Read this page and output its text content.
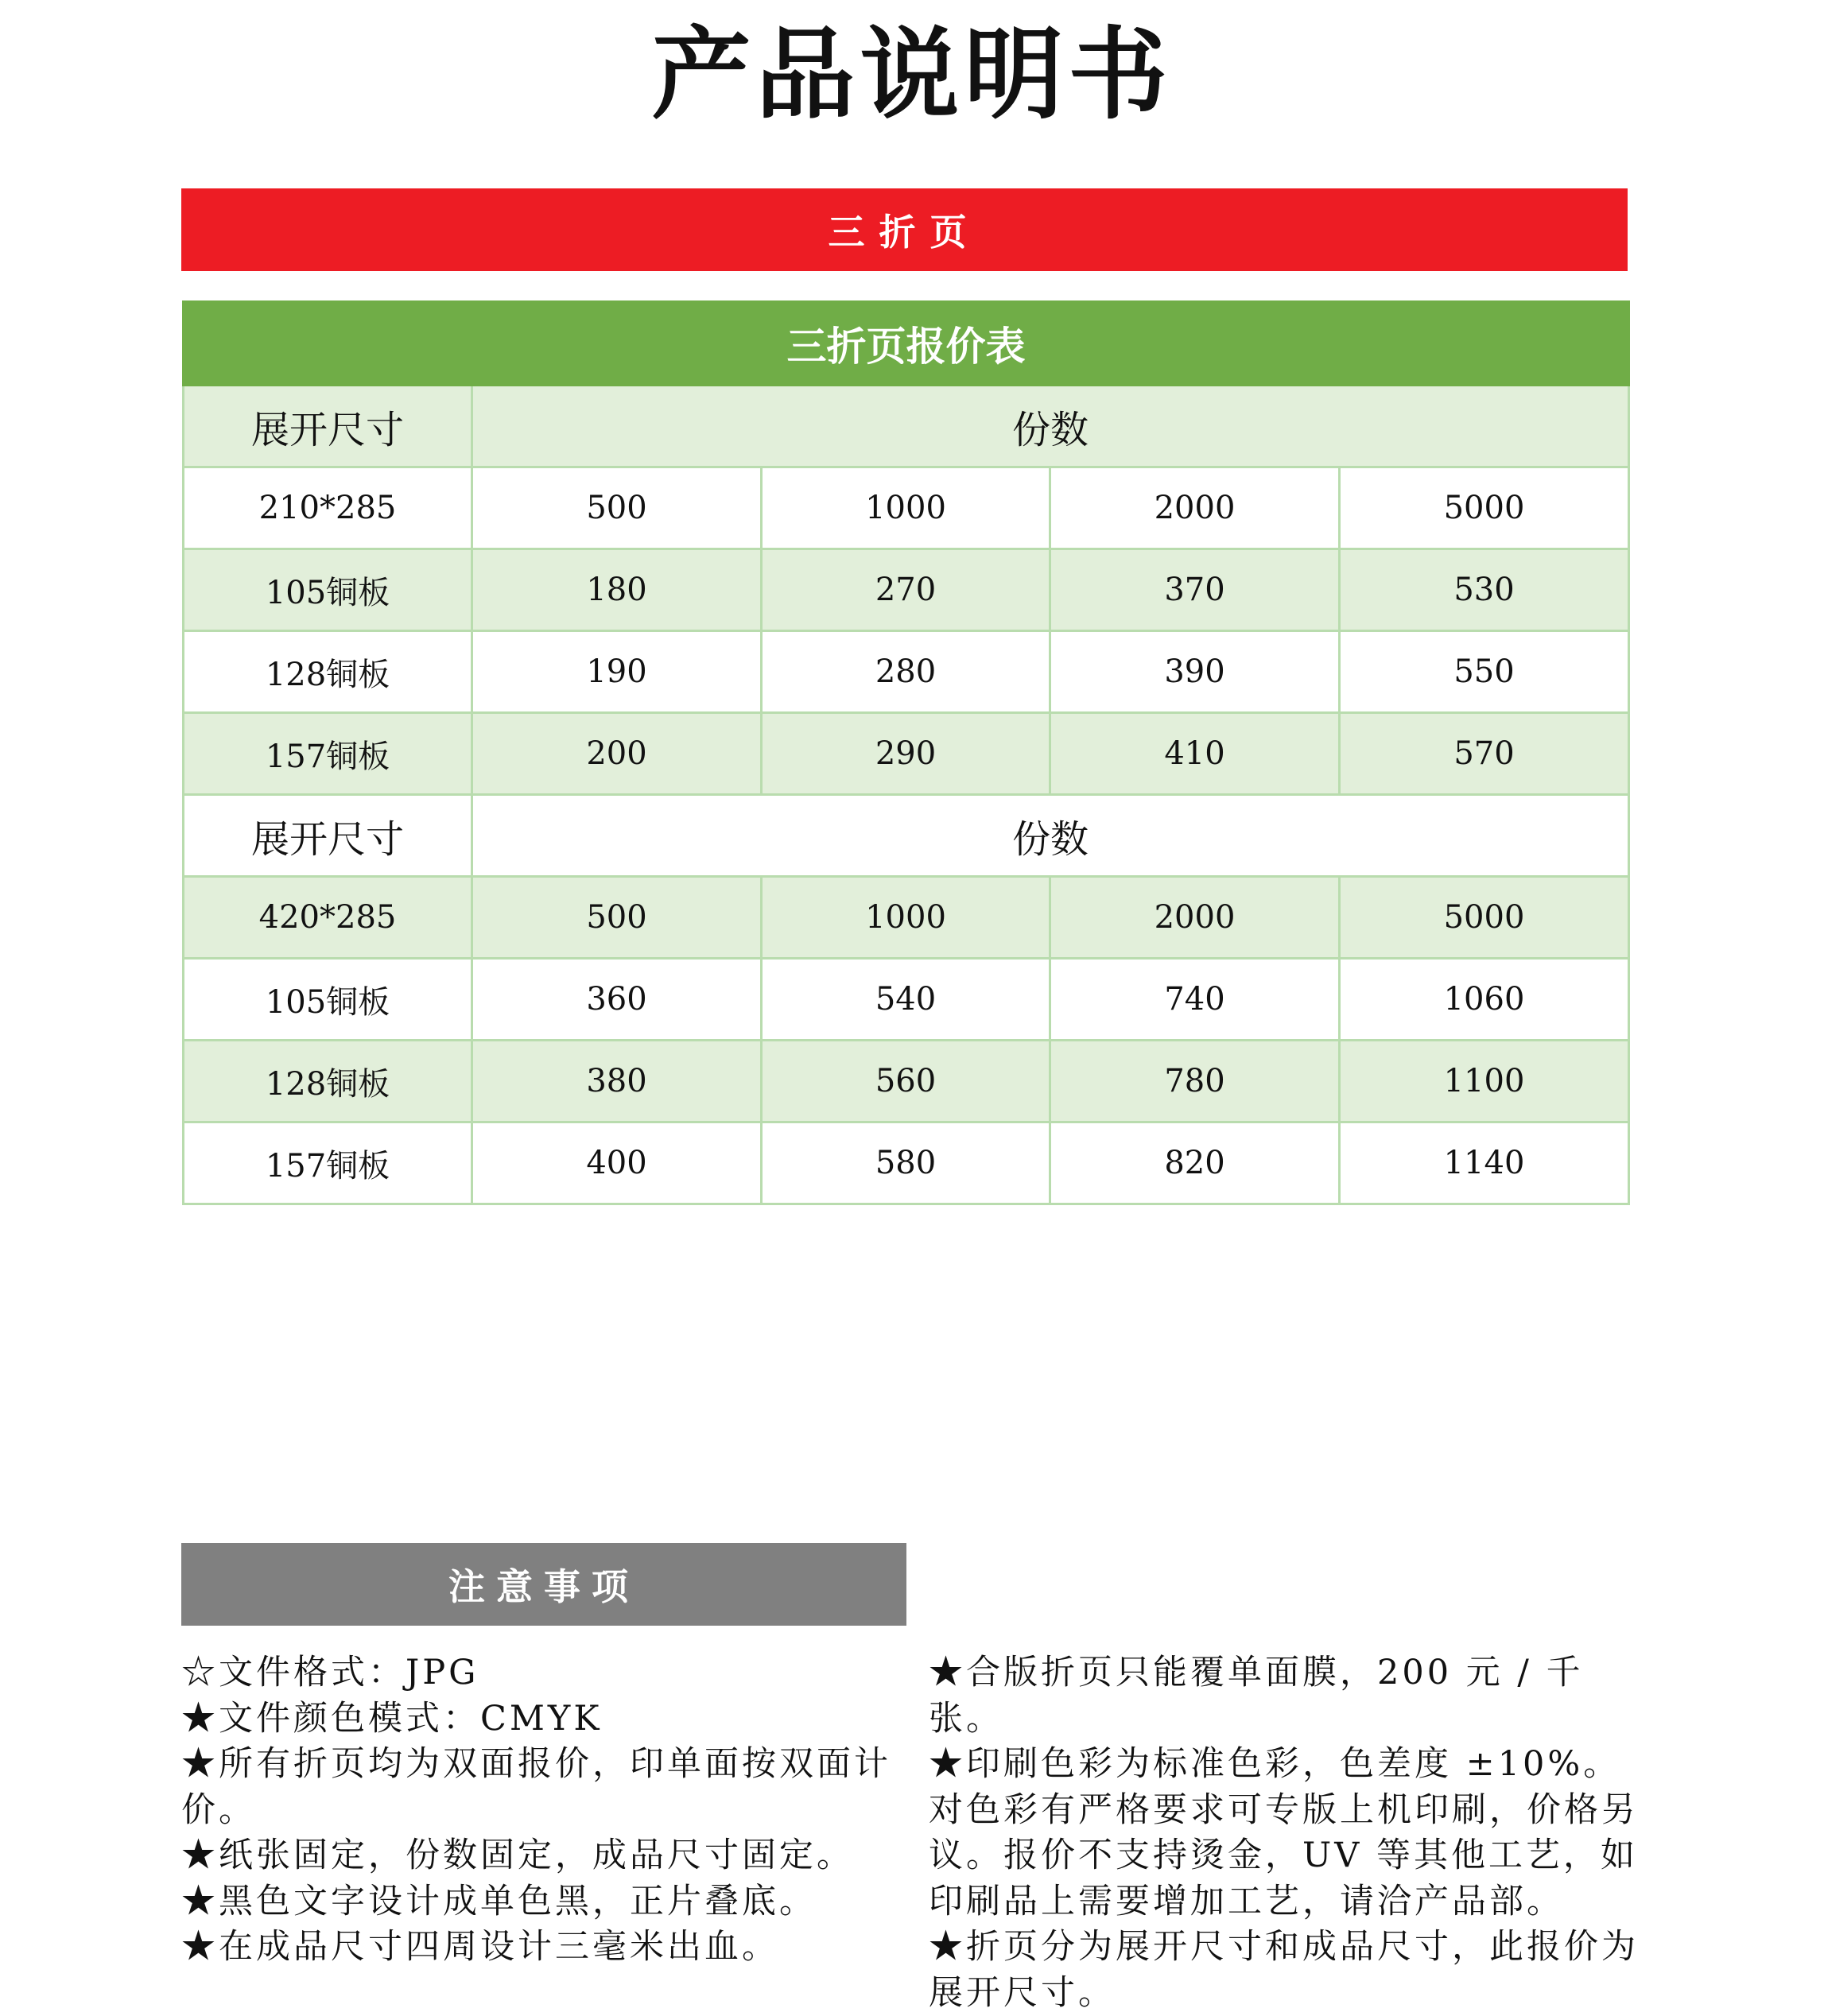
产品说明书
三折页
三折页报价表				
展开尺寸	份数			
210*285	500	1000	2000	5000
105铜板	180	270	370	530
128铜板	190	280	390	550
157铜板	200	290	410	570
展开尺寸	份数			
420*285	500	1000	2000	5000
105铜板	360	540	740	1060
128铜板	380	560	780	1100
157铜板	400	580	820	1140
注意事项

☆文件格式：JPG

★文件颜色模式：CMYK

★所有折页均为双面报价，印单面按双面计价。

★纸张固定，份数固定，成品尺寸固定。

★黑色文字设计成单色黑，正片叠底。

★在成品尺寸四周设计三毫米出血。

★合版折页只能覆单面膜，200 元 / 千张。

★印刷色彩为标准色彩，色差度 ±10%。对色彩有严格要求可专版上机印刷，价格另议。报价不支持烫金，UV 等其他工艺，如印刷品上需要增加工艺，请洽产品部。

★折页分为展开尺寸和成品尺寸，此报价为展开尺寸。
